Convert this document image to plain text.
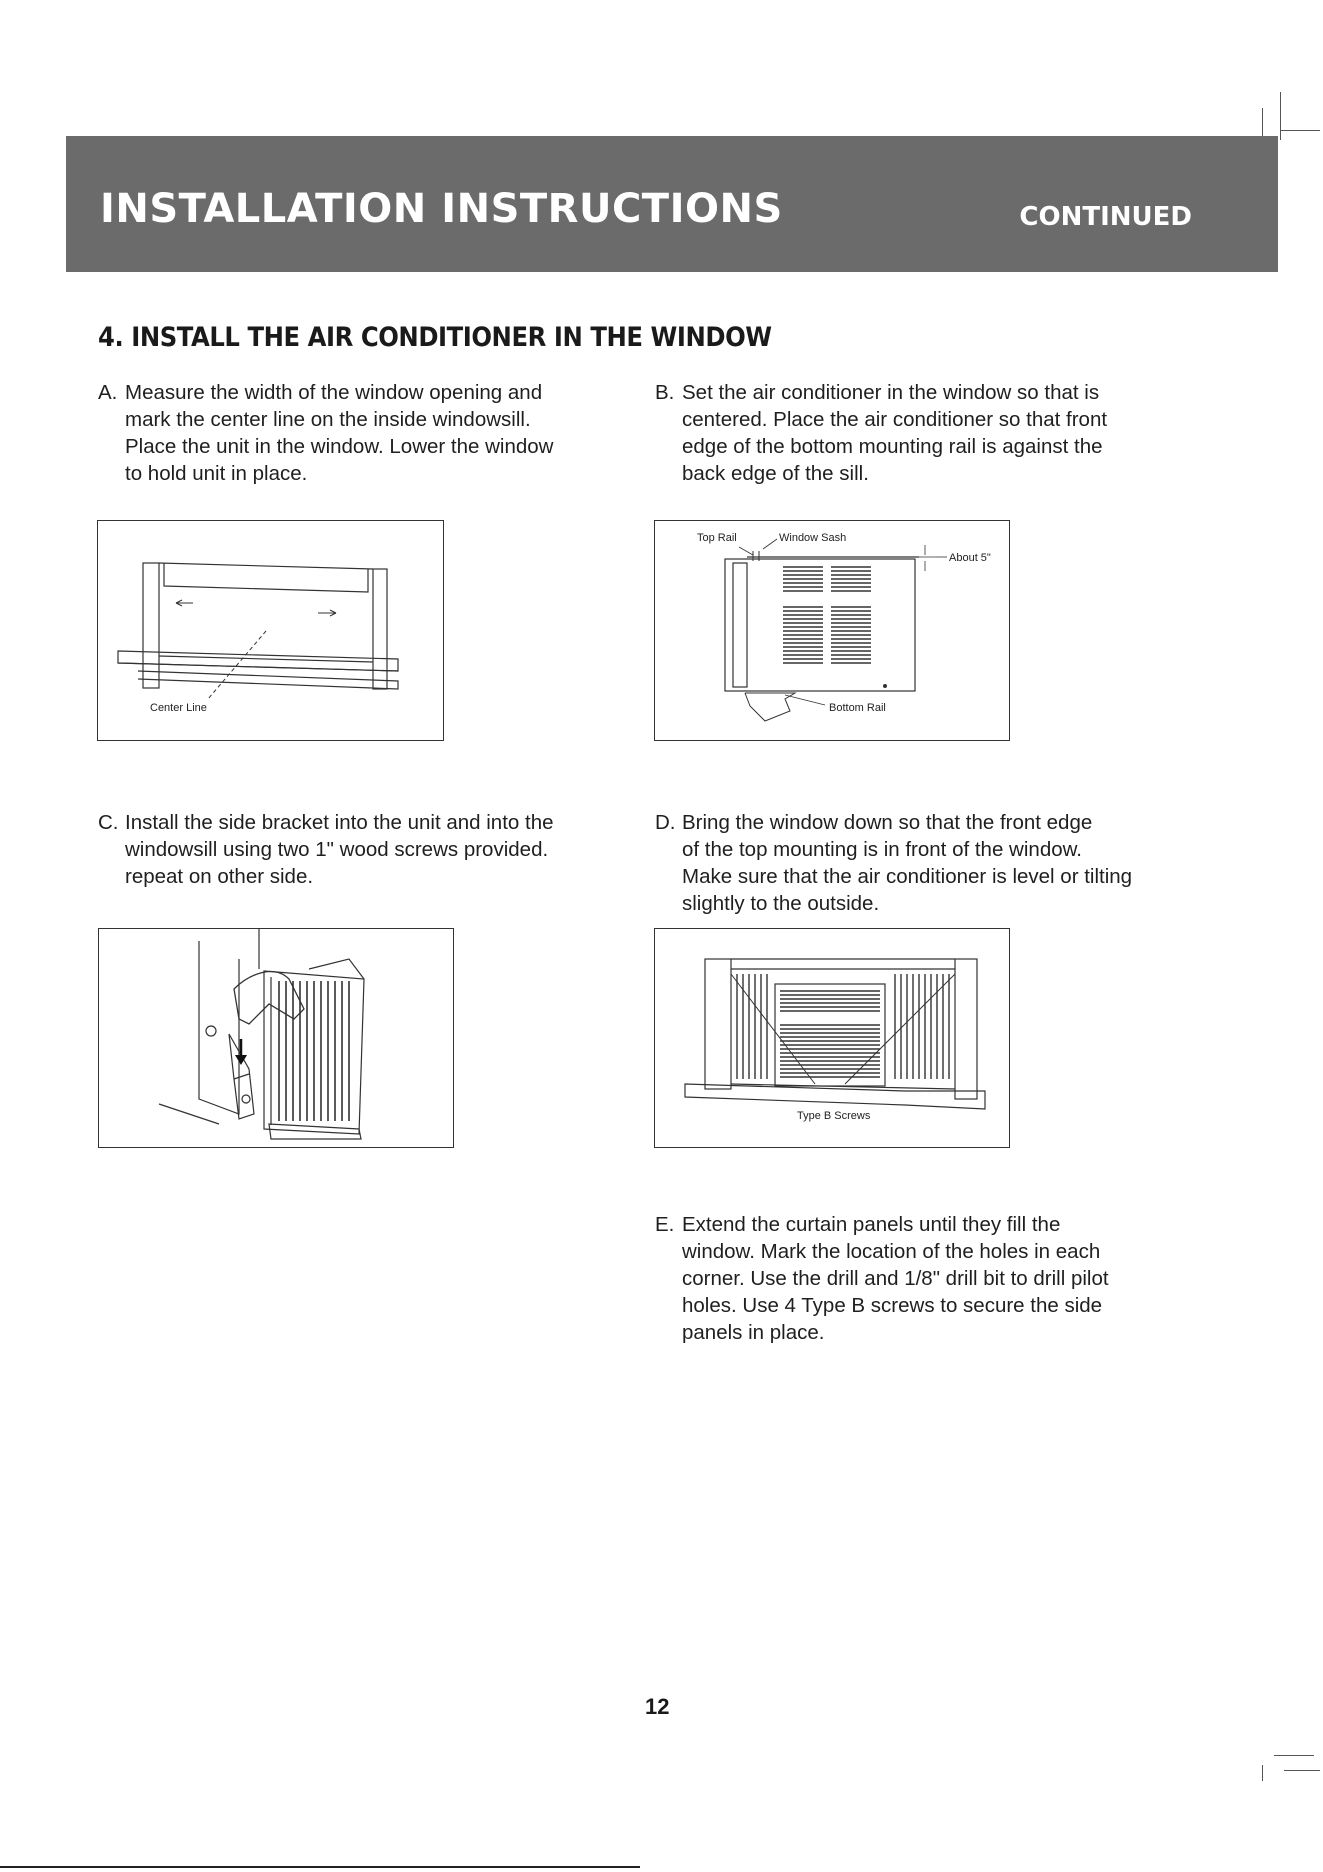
INSTALLATION INSTRUCTIONS	CONTINUED
4. INSTALL THE AIR CONDITIONER IN THE WINDOW
A. Measure the width of the window opening and
mark the center line on the inside windowsill.
Place the unit in the window. Lower the window
to hold unit in place.
B. Set the air conditioner in the window so that is
centered. Place the air conditioner so that front
edge of the bottom mounting rail is against the
back edge of the sill.
Center Line
Top Rail	Window Sash
About 5"
Bottom Rail
C. Install the side bracket into the unit and into the
windowsill using two 1" wood screws provided.
repeat on other side.
D. Bring the window down so that the front edge
of the top mounting is in front of the window.
Make sure that the air conditioner is level or tilting
slightly to the outside.
Type B Screws
E. Extend the curtain panels until they fill the
window. Mark the location of the holes in each
corner. Use the drill and 1/8" drill bit to drill pilot
holes. Use 4 Type B screws to secure the side
panels in place.
12
